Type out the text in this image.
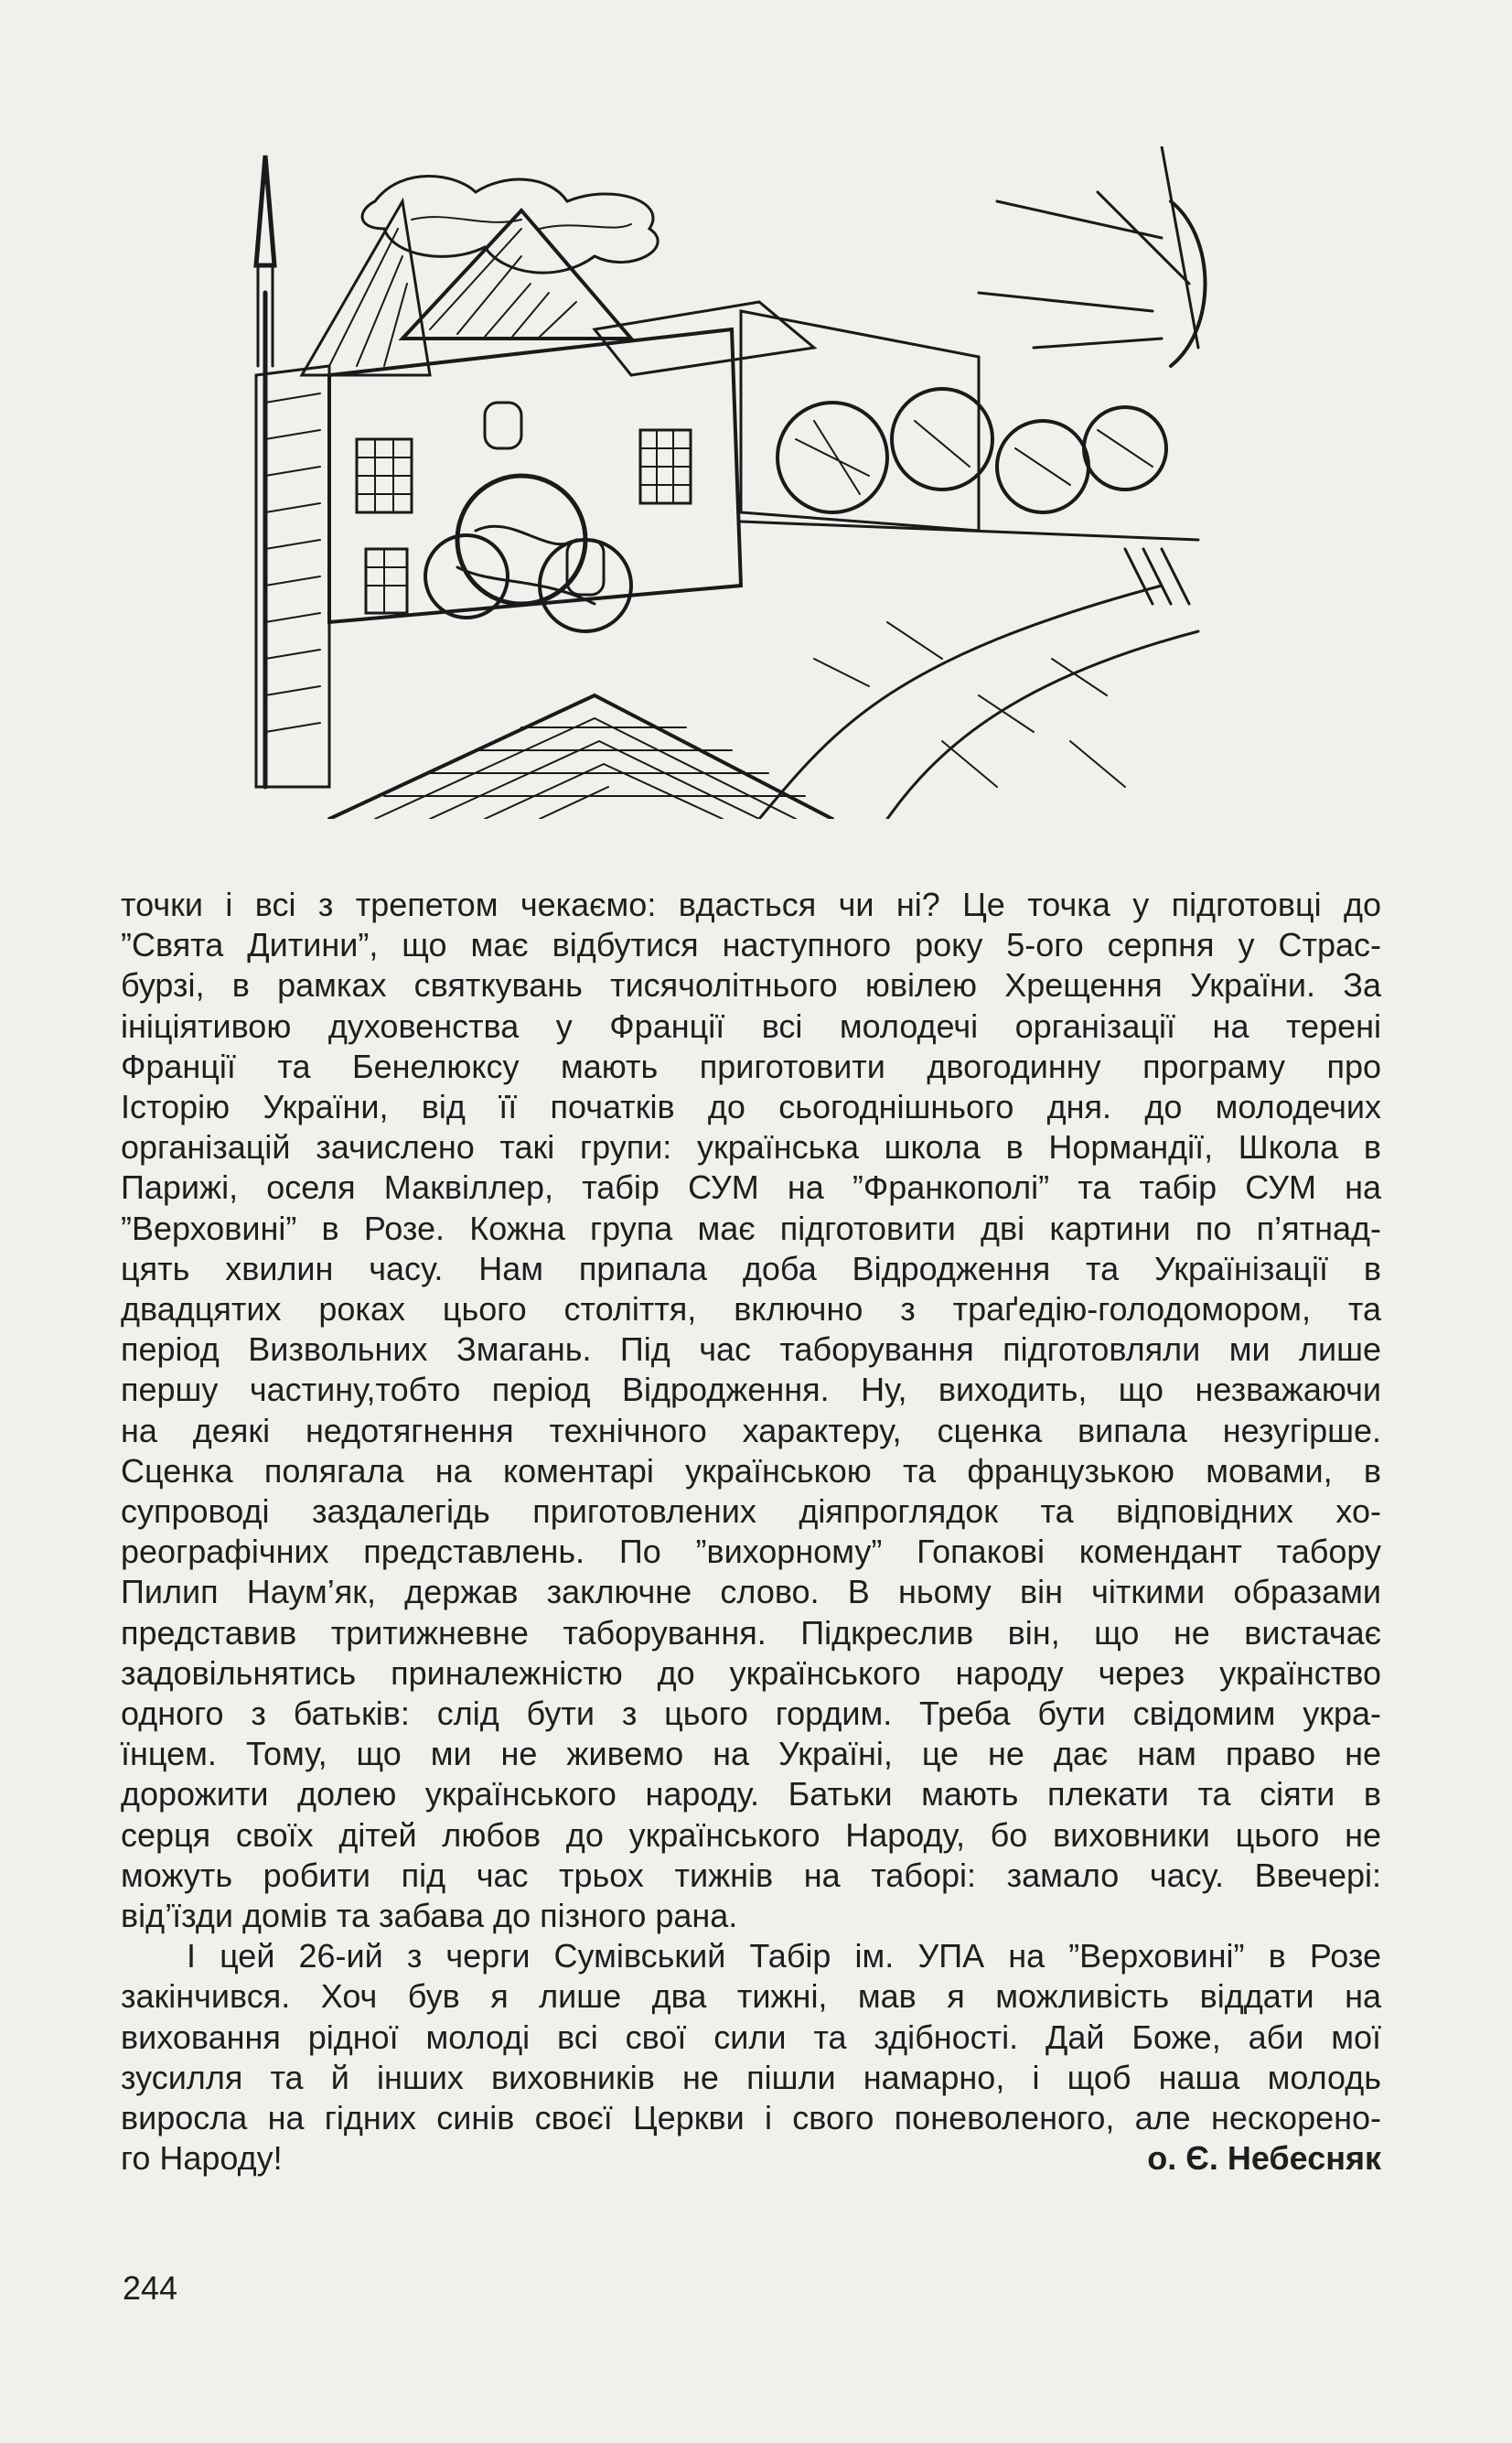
точки і всі з трепетом чекаємо: вдасться чи ні? Це точка у підготовці до
”Свята Дитини”, що має відбутися наступного року 5-ого серпня у Страс-
бурзі, в рамках святкувань тисячолітнього ювілею Хрещення України. За
ініціятивою духовенства у Франції всі молодечі організації на терені
Франції та Бенелюксу мають приготовити двогодинну програму про
Історію України, від її початків до сьогоднішнього дня. до молодечих
організацій зачислено такі групи: українська школа в Нормандії, Школа в
Парижі, оселя Маквіллер, табір СУМ на ”Франкополі” та табір СУМ на
”Верховині” в Розе. Кожна група має підготовити дві картини по п’ятнад-
цять хвилин часу. Нам припала доба Відродження та Українізації в
двадцятих роках цього століття, включно з траґедію-голодомором, та
період Визвольних Змагань. Під час таборування підготовляли ми лише
першу частину,тобто період Відродження. Ну, виходить, що незважаючи
на деякі недотягнення технічного характеру, сценка випала незугірше.
Сценка полягала на коментарі українською та французькою мовами, в
супроводі заздалегідь приготовлених діяпроглядок та відповідних хо-
реографічних представлень. По ”вихорному” Гопакові комендант табору
Пилип Наум’як, держав заключне слово. В ньому він чіткими образами
представив тритижневне таборування. Підкреслив він, що не вистачає
задовільнятись приналежністю до українського народу через українство
одного з батьків: слід бути з цього гордим. Треба бути свідомим укра-
їнцем. Тому, що ми не живемо на Україні, це не дає нам право не
дорожити долею українського народу. Батьки мають плекати та сіяти в
серця своїх дітей любов до українського Народу, бо виховники цього не
можуть робити під час трьох тижнів на таборі: замало часу. Ввечері:
від’їзди домів та забава до пізного рана.
І цей 26-ий з черги Сумівський Табір ім. УПА на ”Верховині” в Розе
закінчився. Хоч був я лише два тижні, мав я можливість віддати на
виховання рідної молоді всі свої сили та здібності. Дай Боже, аби мої
зусилля та й інших виховників не пішли намарно, і щоб наша молодь
виросла на гідних синів своєї Церкви і свого поневоленого, але нескорено-
го Народу!	о. Є. Небесняк
244
